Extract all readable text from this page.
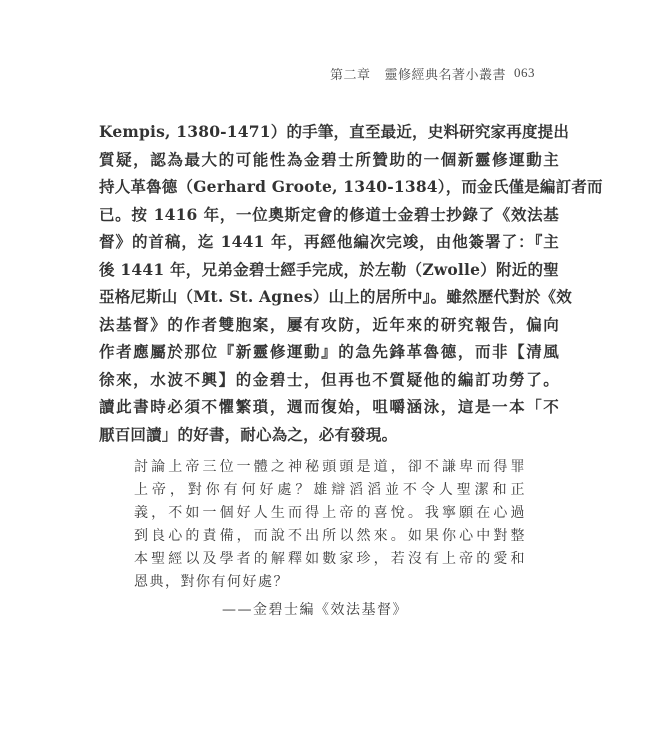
第二章 靈修經典名著小叢書 063
Kempis, 1380-1471）的手筆，直至最近，史料研究家再度提出
質疑，認為最大的可能性為金碧士所贊助的一個新靈修運動主
持人革魯德（Gerhard Groote, 1340-1384），而金氏僅是編訂者而
已。按 1416 年，一位奧斯定會的修道士金碧士抄錄了《效法基
督》的首稿，迄 1441 年，再經他編次完竣，由他簽署了：『主
後 1441 年，兄弟金碧士經手完成，於左勒（Zwolle）附近的聖
亞格尼斯山（Mt. St. Agnes）山上的居所中』。雖然歷代對於《效
法基督》的作者雙胞案，屢有攻防，近年來的研究報告，偏向
作者應屬於那位『新靈修運動』的急先鋒革魯德，而非【清風
徐來，水波不興】的金碧士，但再也不質疑他的編訂功勞了。
讀此書時必須不懼繁瑣，週而復始，咀嚼涵泳，這是一本「不
厭百回讀」的好書，耐心為之，必有發現。
討論上帝三位一體之神秘頭頭是道，卻不謙卑而得罪
上帝，對你有何好處？雄辯滔滔並不令人聖潔和正
義，不如一個好人生而得上帝的喜悅。我寧願在心過
到良心的責備，而說不出所以然來。如果你心中對整
本聖經以及學者的解釋如數家珍，若沒有上帝的愛和
恩典，對你有何好處？
——金碧士編《效法基督》
